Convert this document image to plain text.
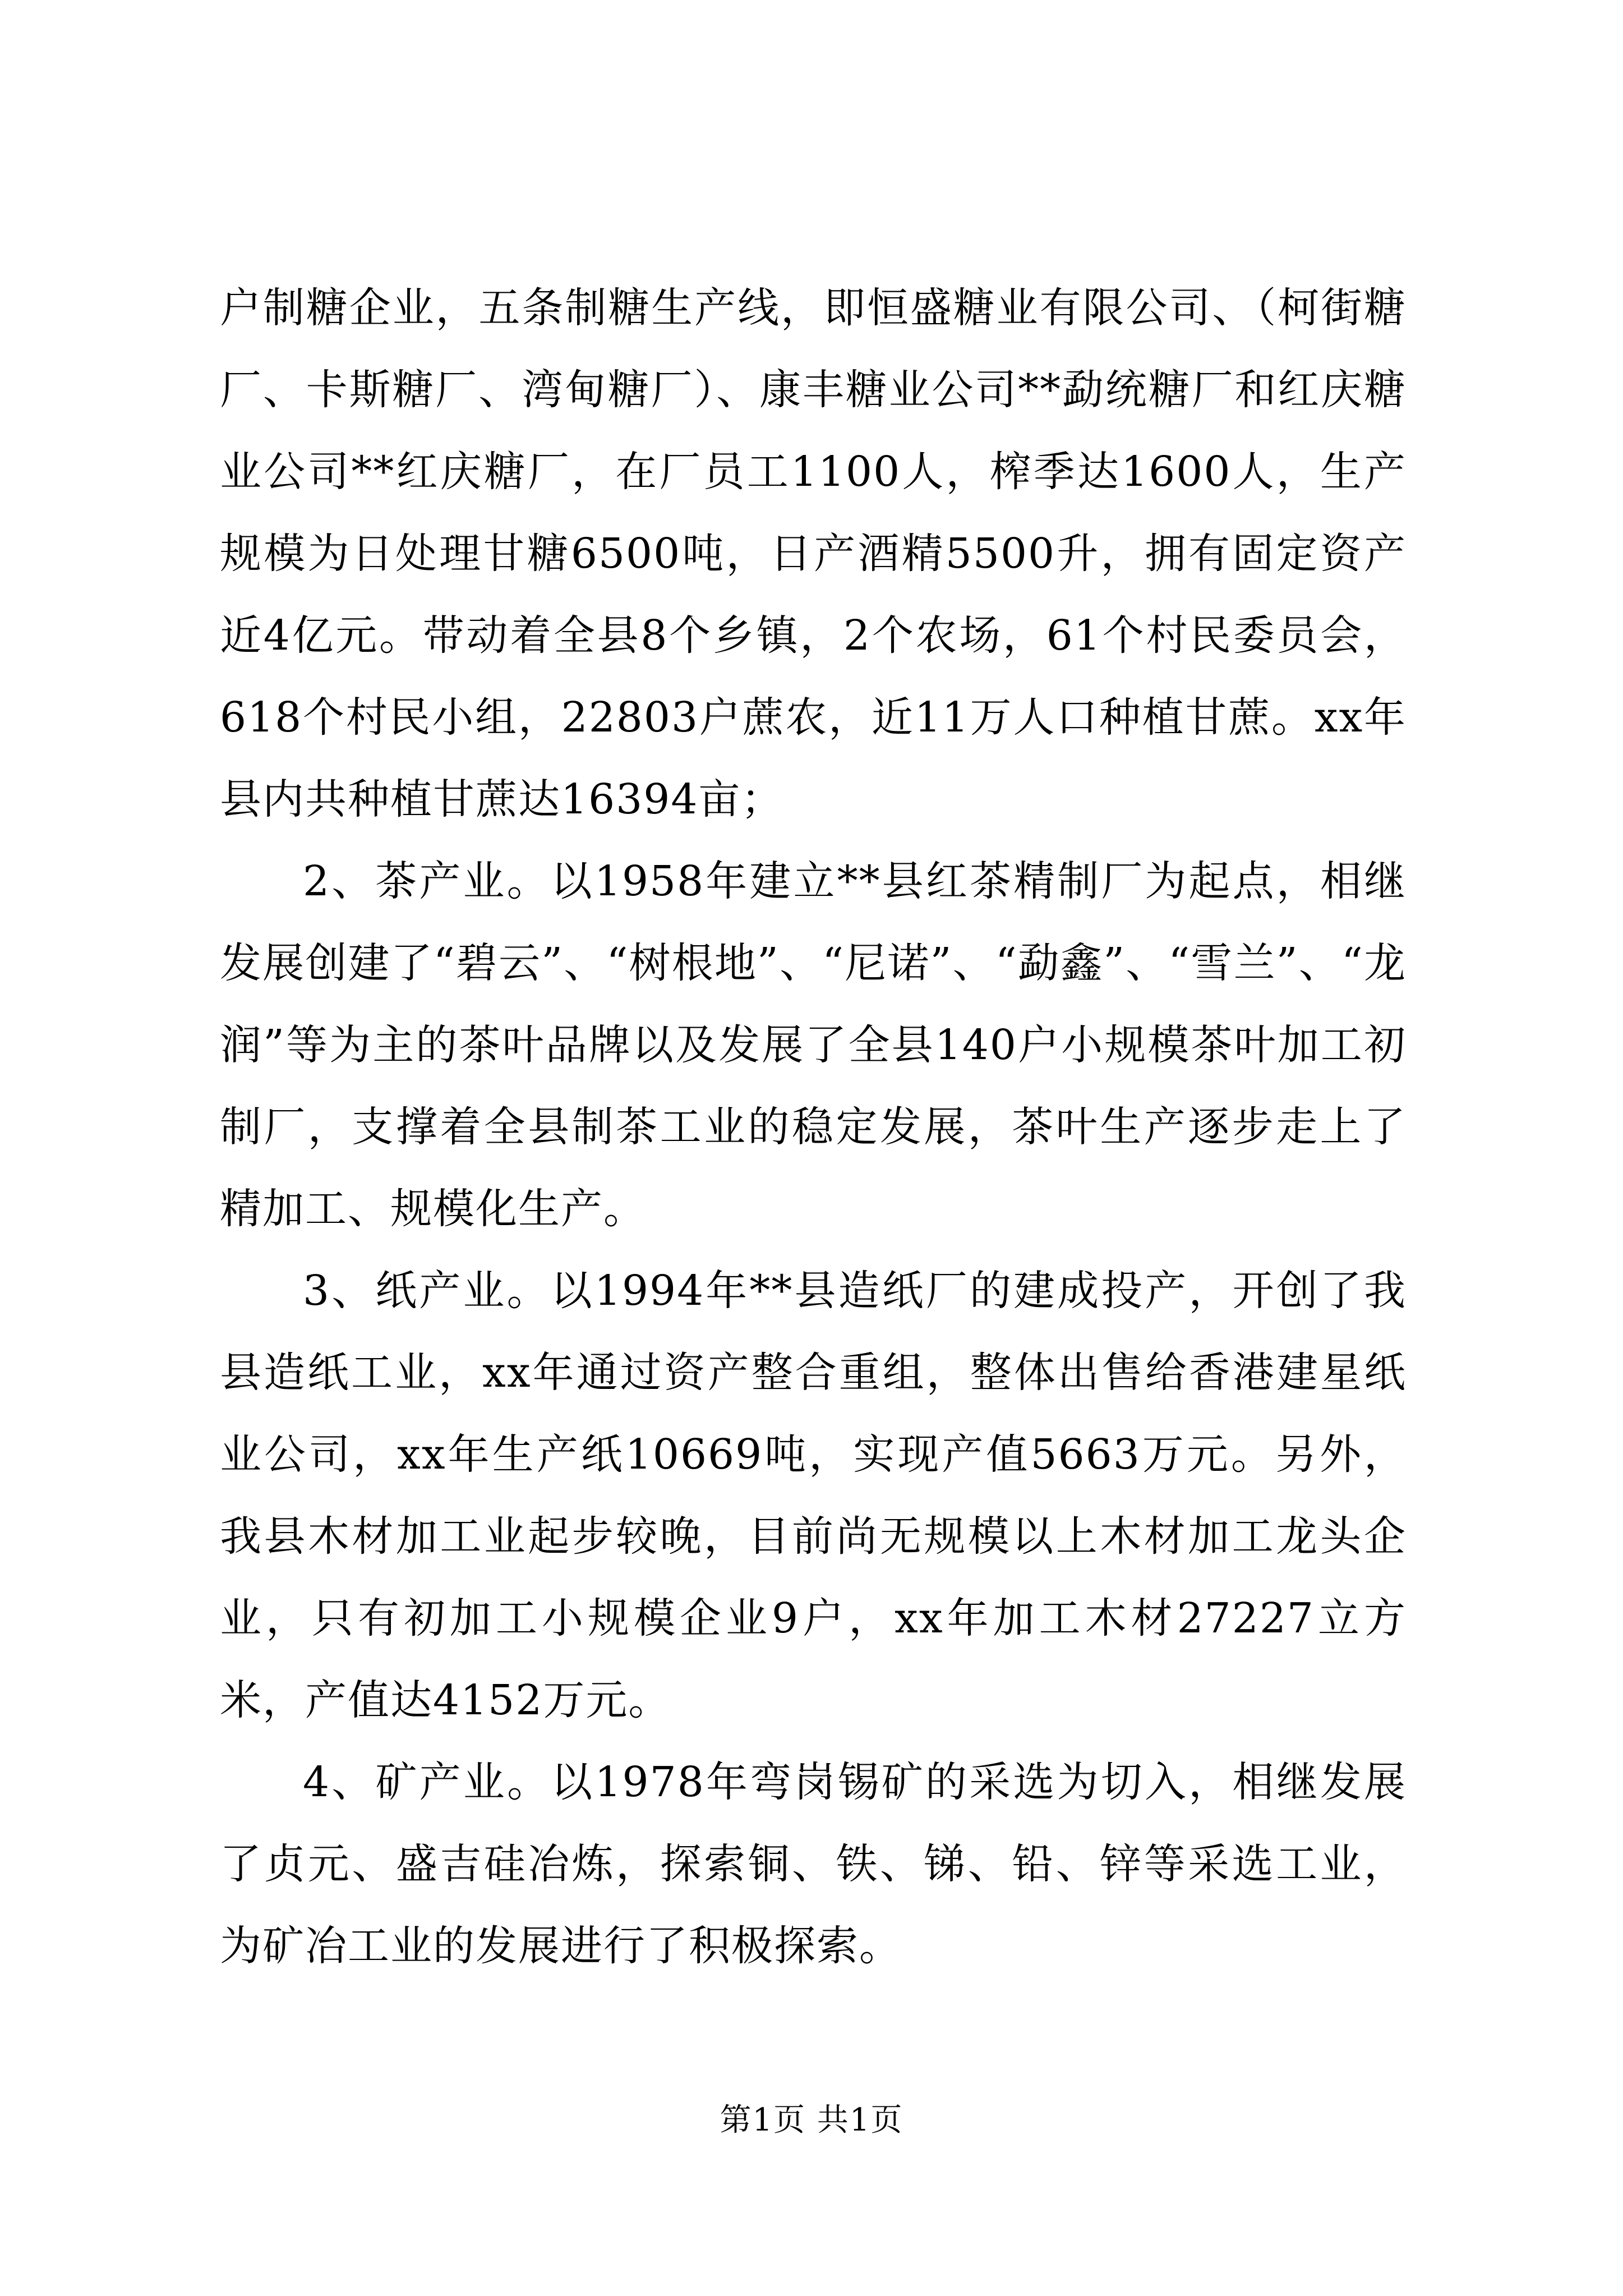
户制糖企业，五条制糖生产线，即恒盛糖业有限公司、（柯街糖厂、卡斯糖厂、湾甸糖厂）、康丰糖业公司**勐统糖厂和红庆糖业公司**红庆糖厂，在厂员工1100人，榨季达1600人，生产规模为日处理甘糖6500吨，日产酒精5500升，拥有固定资产近4亿元。带动着全县8个乡镇，2个农场，61个村民委员会，618个村民小组，22803户蔗农，近11万人口种植甘蔗。xx年县内共种植甘蔗达16394亩；

2、茶产业。以1958年建立**县红茶精制厂为起点，相继发展创建了“碧云”、“树根地”、“尼诺”、“勐鑫”、“雪兰”、“龙润”等为主的茶叶品牌以及发展了全县140户小规模茶叶加工初制厂，支撑着全县制茶工业的稳定发展，茶叶生产逐步走上了精加工、规模化生产。

3、纸产业。以1994年**县造纸厂的建成投产，开创了我县造纸工业，xx年通过资产整合重组，整体出售给香港建星纸业公司，xx年生产纸10669吨，实现产值5663万元。另外，我县木材加工业起步较晚，目前尚无规模以上木材加工龙头企业，只有初加工小规模企业9户，xx年加工木材27227立方米，产值达4152万元。

4、矿产业。以1978年弯岗锡矿的采选为切入，相继发展了贞元、盛吉硅冶炼，探索铜、铁、锑、铅、锌等采选工业，为矿冶工业的发展进行了积极探索。

第1页 共1页
